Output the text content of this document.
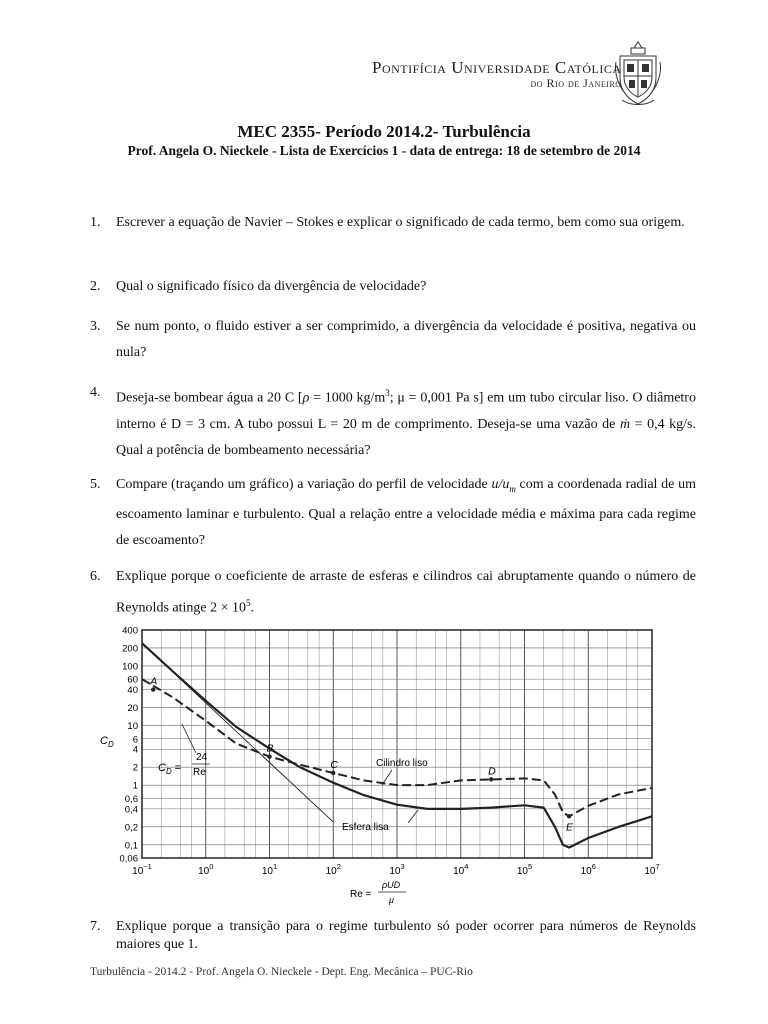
Pontifícia Universidade Católica
do Rio de Janeiro
MEC 2355- Período 2014.2- Turbulência
Prof. Angela O. Nieckele - Lista de Exercícios 1 - data de entrega: 18 de setembro de 2014
1. Escrever a equação de Navier – Stokes e explicar o significado de cada termo, bem como sua origem.
2. Qual o significado físico da divergência de velocidade?
3. Se num ponto, o fluido estiver a ser comprimido, a divergência da velocidade é positiva, negativa ou nula?
4. Deseja-se bombear água a 20 C [ρ = 1000 $kg/m^3$; μ = 0,001 Pa s] em um tubo circular liso. O diâmetro interno é D = 3 cm. A tubo possui L = 20 m de comprimento. Deseja-se uma vazão de ṁ = 0,4 kg/s. Qual a potência de bombeamento necessária?
5. Compare (traçando um gráfico) a variação do perfil de velocidade $u/u_m$ com a coordenada radial de um escoamento laminar e turbulento. Qual a relação entre a velocidade média e máxima para cada regime de escoamento?
6. Explique porque o coeficiente de arraste de esferas e cilindros cai abruptamente quando o número de Reynolds atinge $2 \times 10^5$.
400
200
100
60
40
20
10
6
4
2
1
0,6
0,4
0,2
0,1
0,06
$10^{-1}$	$10^0$	$10^1$	$10^2$	$10^3$	$10^4$	$10^5$	$10^6$	$10^7$
A
B
C
D
E
$C_D$
$C_D$ =
24
Re
Re =
ρUD
μ
Cilindro liso
Esfera lisa
7. Explique porque a transição para o regime turbulento só poder ocorrer para números de Reynolds maiores que 1.
Turbulência - 2014.2 - Prof. Angela O. Nieckele - Dept. Eng. Mecânica – PUC-Rio
